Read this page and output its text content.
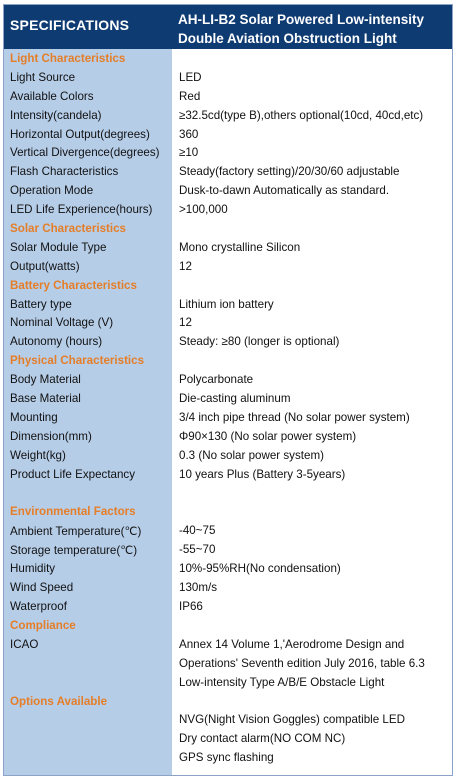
SPECIFICATIONS	AH-LI-B2 Solar Powered Low-intensity
Double Aviation Obstruction Light
Light Characteristics
Light Source	LED
Available Colors	Red
Intensity(candela)	≥32.5cd(type B),others optional(10cd, 40cd,etc)
Horizontal Output(degrees)	360
Vertical Divergence(degrees) ≥10
Flash Characteristics	Steady(factory setting)/20/30/60 adjustable
Operation Mode	Dusk-to-dawn Automatically as standard.
LED Life Experience(hours) >100,000
Solar Characteristics
Solar Module Type	Mono crystalline Silicon
Output(watts)	12
Battery Characteristics
Battery type	Lithium ion battery
Nominal Voltage (V)	12
Autonomy (hours)	Steady: ≥80 (longer is optional)
Physical Characteristics
Body Material	Polycarbonate
Base Material	Die-casting aluminum
Mounting	3/4 inch pipe thread (No solar power system)
Dimension(mm)	Φ90×130 (No solar power system)
Weight(kg)	0.3 (No solar power system)
Product Life Expectancy	10 years Plus (Battery 3-5years)
Environmental Factors
Ambient Temperature(℃)	-40~75
Storage temperature(℃)	-55~70
Humidity	10%-95%RH(No condensation)
Wind Speed	130m/s
Waterproof	IP66
Compliance
ICAO	Annex 14 Volume 1,'Aerodrome Design and
Operations' Seventh edition July 2016, table 6.3
Low-intensity Type A/B/E Obstacle Light
Options Available
NVG(Night Vision Goggles) compatible LED
Dry contact alarm(NO COM NC)
GPS sync flashing
